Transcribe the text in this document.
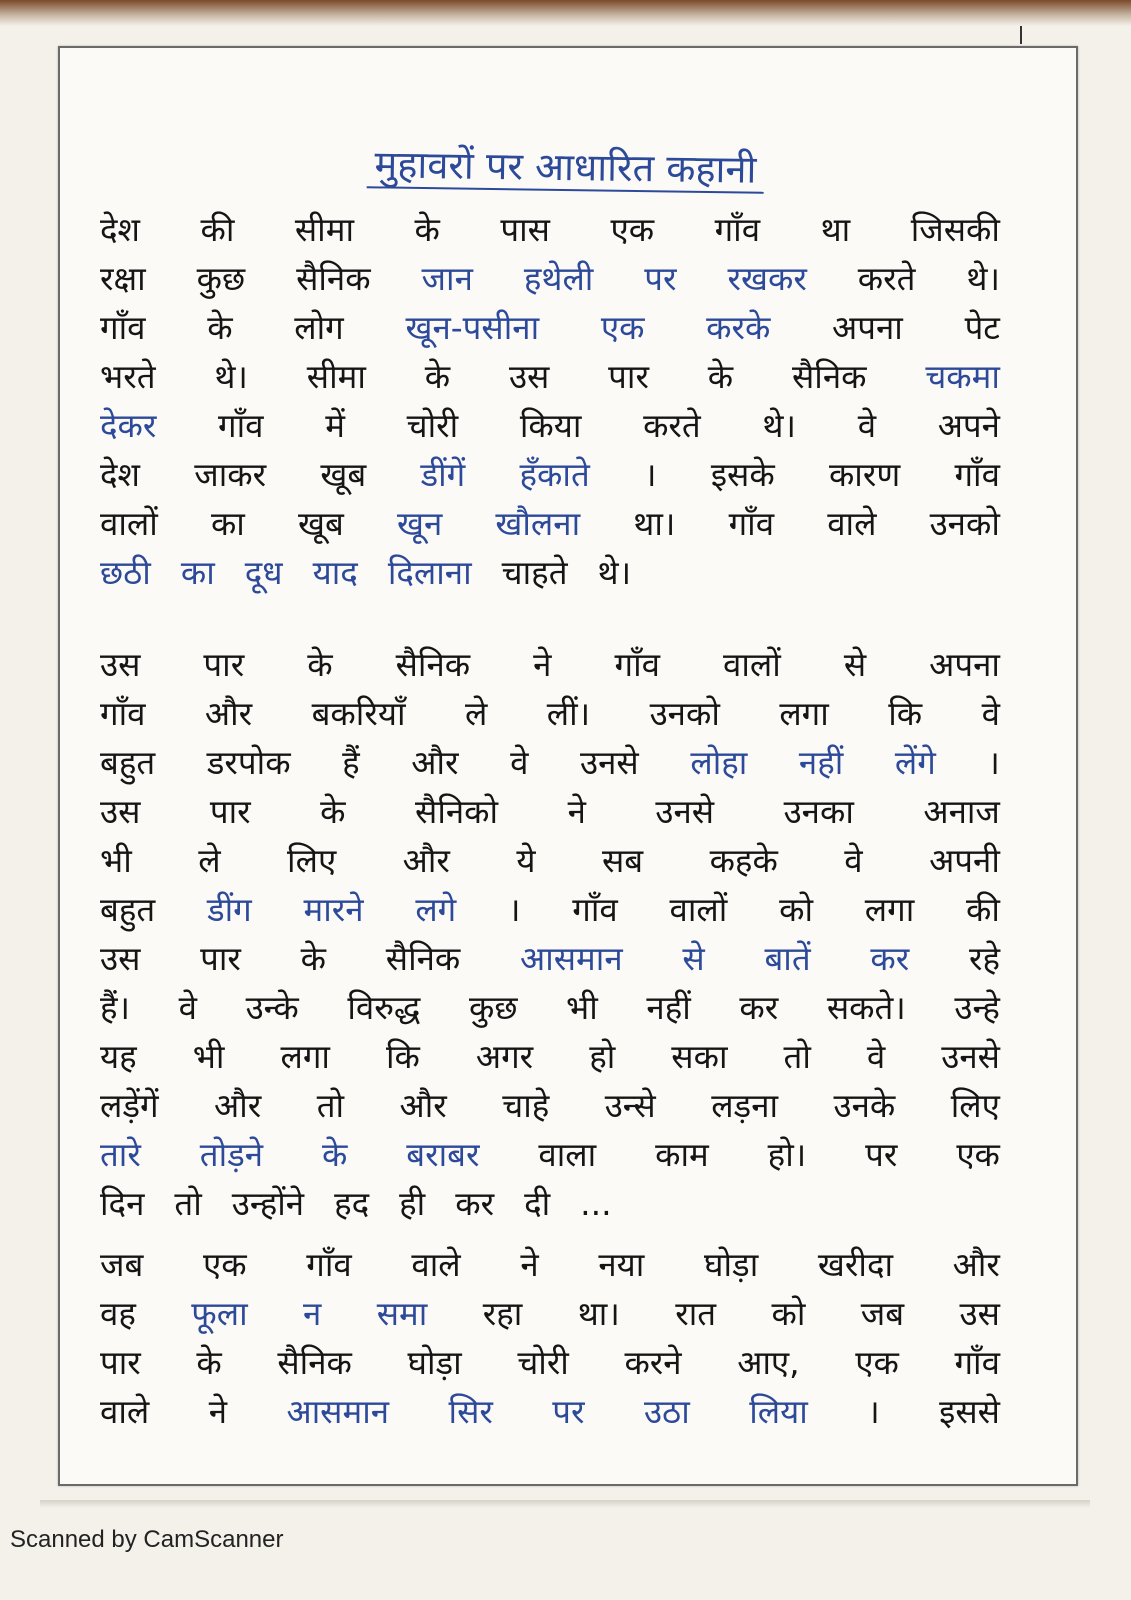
मुहावरों पर आधारित कहानी
देश की सीमा के पास एक गाँव था जिसकी
रक्षा कुछ सैनिक जान हथेली पर रखकर करते थे।
गाँव के लोग खून-पसीना एक करके अपना पेट
भरते थे। सीमा के उस पार के सैनिक चकमा
देकर गाँव में चोरी किया करते थे। वे अपने
देश जाकर खूब डींगें हँकाते । इसके कारण गाँव
वालों का खूब खून खौलना था। गाँव वाले उनको
छठी का दूध याद दिलाना चाहते थे।
उस पार के सैनिक ने गाँव वालों से अपना
गाँव और बकरियाँ ले लीं। उनको लगा कि वे
बहुत डरपोक हैं और वे उनसे लोहा नहीं लेंगे ।
उस पार के सैनिको ने उनसे उनका अनाज
भी ले लिए और ये सब कहके वे अपनी
बहुत डींग मारने लगे । गाँव वालों को लगा की
उस पार के सैनिक आसमान से बातें कर रहे
हैं। वे उन्के विरुद्ध कुछ भी नहीं कर सकते। उन्हे
यह भी लगा कि अगर हो सका तो वे उनसे
लड़ेंगें और तो और चाहे उन्से लड़ना उनके लिए
तारे तोड़ने के बराबर वाला काम हो। पर एक
दिन तो उन्होंने हद ही कर दी ...
जब एक गाँव वाले ने नया घोड़ा खरीदा और
वह फूला न समा रहा था। रात को जब उस
पार के सैनिक घोड़ा चोरी करने आए, एक गाँव
वाले ने आसमान सिर पर उठा लिया । इससे
Scanned by CamScanner
